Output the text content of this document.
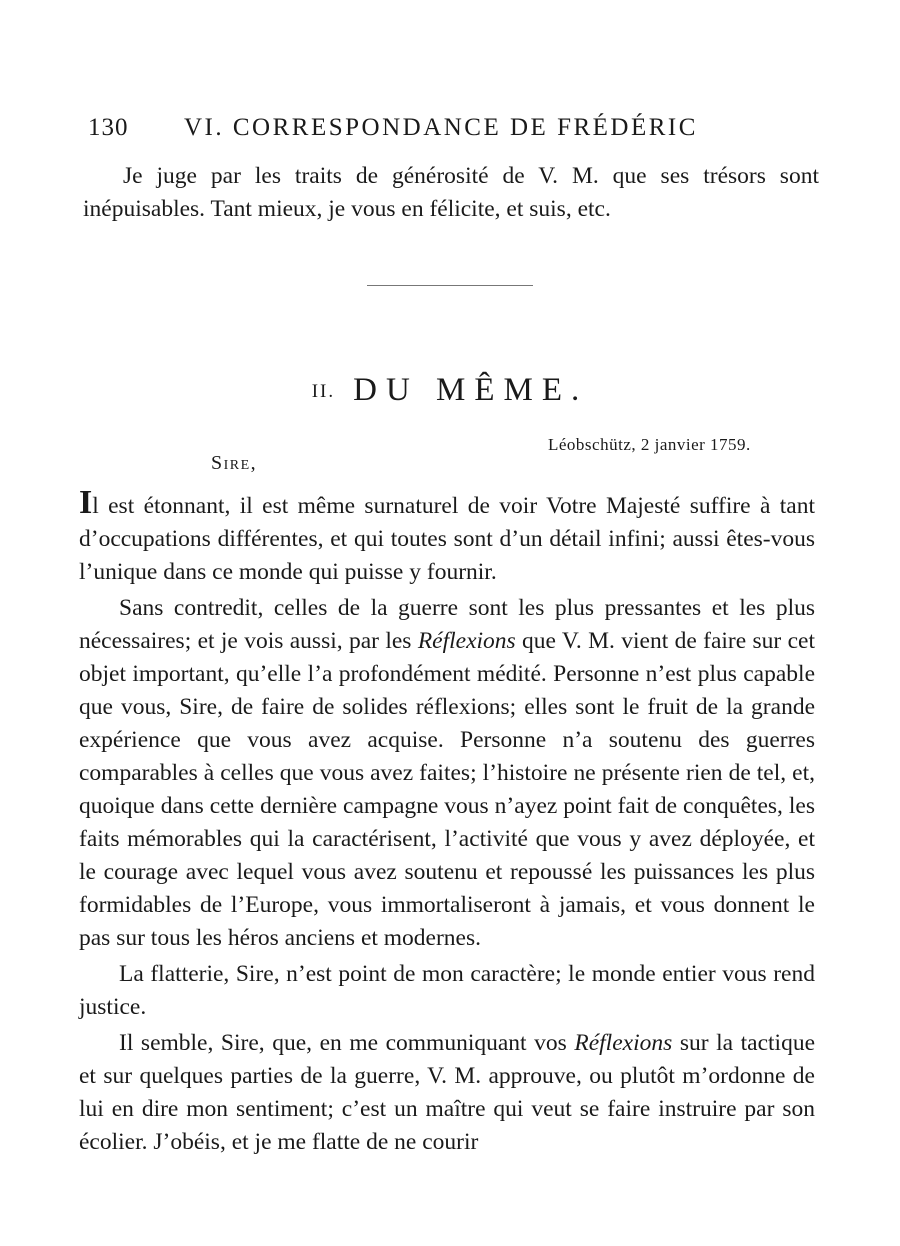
130 VI. CORRESPONDANCE DE FRÉDÉRIC

Je juge par les traits de générosité de V. M. que ses trésors sont inépuisables. Tant mieux, je vous en félicite, et suis, etc.

II. DU MÊME.
Léobschütz, 2 janvier 1759.
Sire,

Il est étonnant, il est même surnaturel de voir Votre Majesté suffire à tant d’occupations différentes, et qui toutes sont d’un détail infini; aussi êtes-vous l’unique dans ce monde qui puisse y fournir.

Sans contredit, celles de la guerre sont les plus pressantes et les plus nécessaires; et je vois aussi, par les Réflexions que V. M. vient de faire sur cet objet important, qu’elle l’a profondément médité. Personne n’est plus capable que vous, Sire, de faire de solides réflexions; elles sont le fruit de la grande expérience que vous avez acquise. Personne n’a soutenu des guerres comparables à celles que vous avez faites; l’histoire ne présente rien de tel, et, quoique dans cette dernière campagne vous n’ayez point fait de conquêtes, les faits mémorables qui la caractérisent, l’activité que vous y avez déployée, et le courage avec lequel vous avez soutenu et repoussé les puissances les plus formidables de l’Europe, vous immortaliseront à jamais, et vous donnent le pas sur tous les héros anciens et modernes.

La flatterie, Sire, n’est point de mon caractère; le monde entier vous rend justice.

Il semble, Sire, que, en me communiquant vos Réflexions sur la tactique et sur quelques parties de la guerre, V. M. approuve, ou plutôt m’ordonne de lui en dire mon sentiment; c’est un maître qui veut se faire instruire par son écolier. J’obéis, et je me flatte de ne courir
